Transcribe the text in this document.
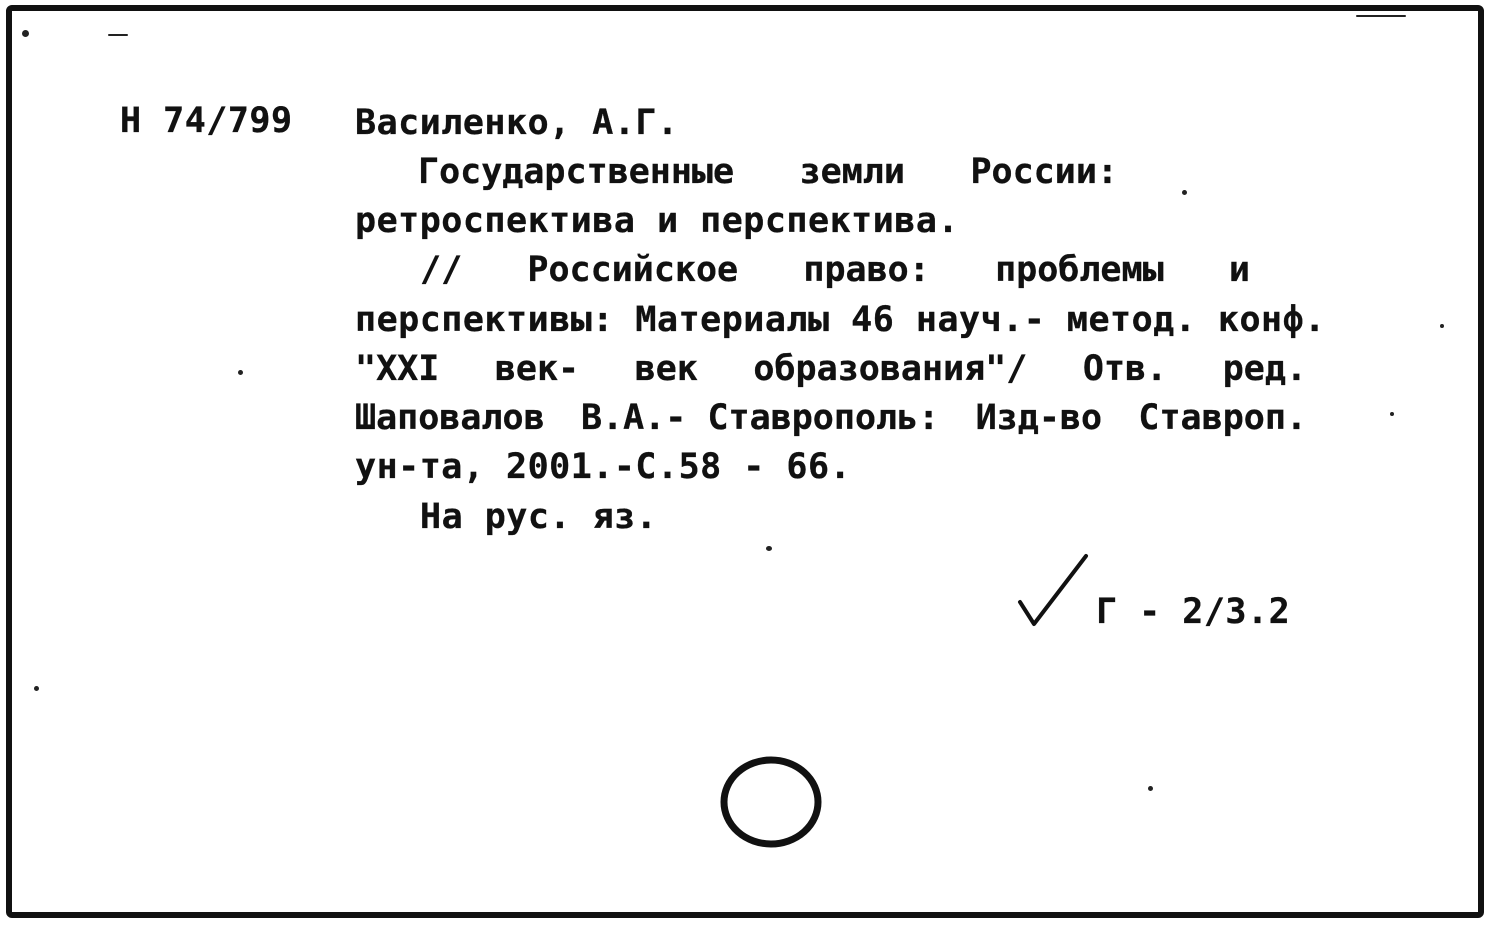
Н 74/799 Василенко, А.Г.
Государственные земли России:
ретроспектива и перспектива.
// Российское право: проблемы и
перспективы: Материалы 46 науч.- метод. конф.
"XXI век- век образования"/ Отв. ред.
Шаповалов В.А.- Ставрополь: Изд-во Ставроп.
ун-та, 2001.-С.58 - 66.
На рус. яз.
Г - 2/3.2
